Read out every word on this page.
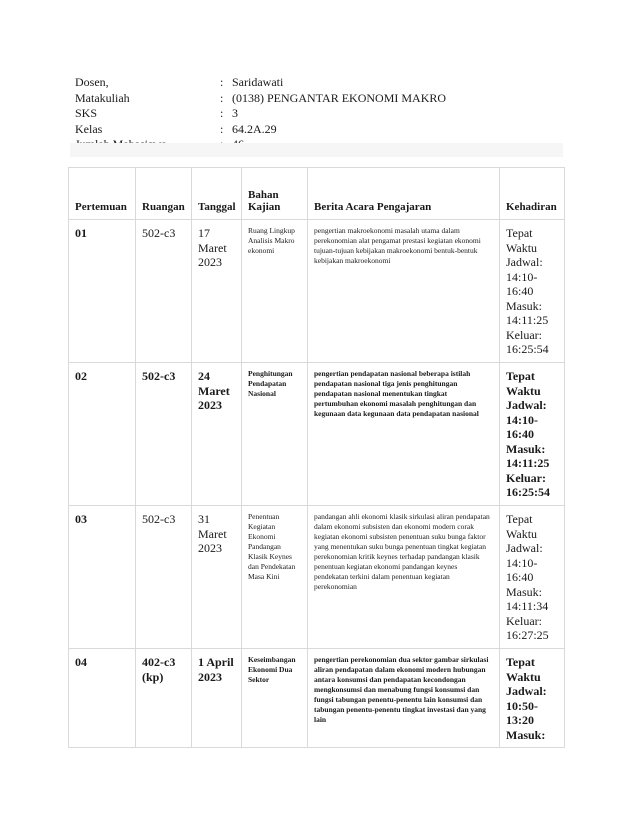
Dosen,	: Saridawati
Matakuliah	: (0138) PENGANTAR EKONOMI MAKRO
SKS	: 3
Kelas	: 64.2A.29
Pertemuan	Ruangan	Tanggal	Bahan Kajian	Berita Acara Pengajaran	Kehadiran
01	502-c3	17 Maret 2023	Ruang Lingkup Analisis Makro ekonomi	pengertian makroekonomi masalah utama dalam perekonomian alat pengamat prestasi kegiatan ekonomi tujuan-tujuan kebijakan makroekonomi bentuk-bentuk kebijakan makroekonomi	Tepat Waktu Jadwal: 14:10-16:40 Masuk: 14:11:25 Keluar: 16:25:54
02	502-c3	24 Maret 2023	Penghitungan Pendapatan Nasional	pengertian pendapatan nasional beberapa istilah pendapatan nasional tiga jenis penghitungan pendapatan nasional menentukan tingkat pertumbuhan ekonomi masalah penghitungan dan kegunaan data kegunaan data pendapatan nasional	Tepat Waktu Jadwal: 14:10-16:40 Masuk: 14:11:25 Keluar: 16:25:54
03	502-c3	31 Maret 2023	Penentuan Kegiatan Ekonomi Pandangan Klasik Keynes dan Pendekatan Masa Kini	pandangan ahli ekonomi klasik sirkulasi aliran pendapatan dalam ekonomi subsisten dan ekonomi modern corak kegiatan ekonomi subsisten penentuan suku bunga faktor yang menentukan suku bunga penentuan tingkat kegiatan perekonomian kritik keynes terhadap pandangan klasik penentuan kegiatan ekonomi pandangan keynes pendekatan terkini dalam penentuan kegiatan perekonomian	Tepat Waktu Jadwal: 14:10-16:40 Masuk: 14:11:34 Keluar: 16:27:25
04	402-c3 (kp)	1 April 2023	Keseimbangan Ekonomi Dua Sektor	pengertian perekonomian dua sektor gambar sirkulasi aliran pendapatan dalam ekonomi modern hubungan antara konsumsi dan pendapatan kecondongan mengkonsumsi dan menabung fungsi konsumsi dan fungsi tabungan penentu-penentu lain konsumsi dan tabungan penentu-penentu tingkat investasi dan yang lain	Tepat Waktu Jadwal: 10:50-13:20 Masuk:
